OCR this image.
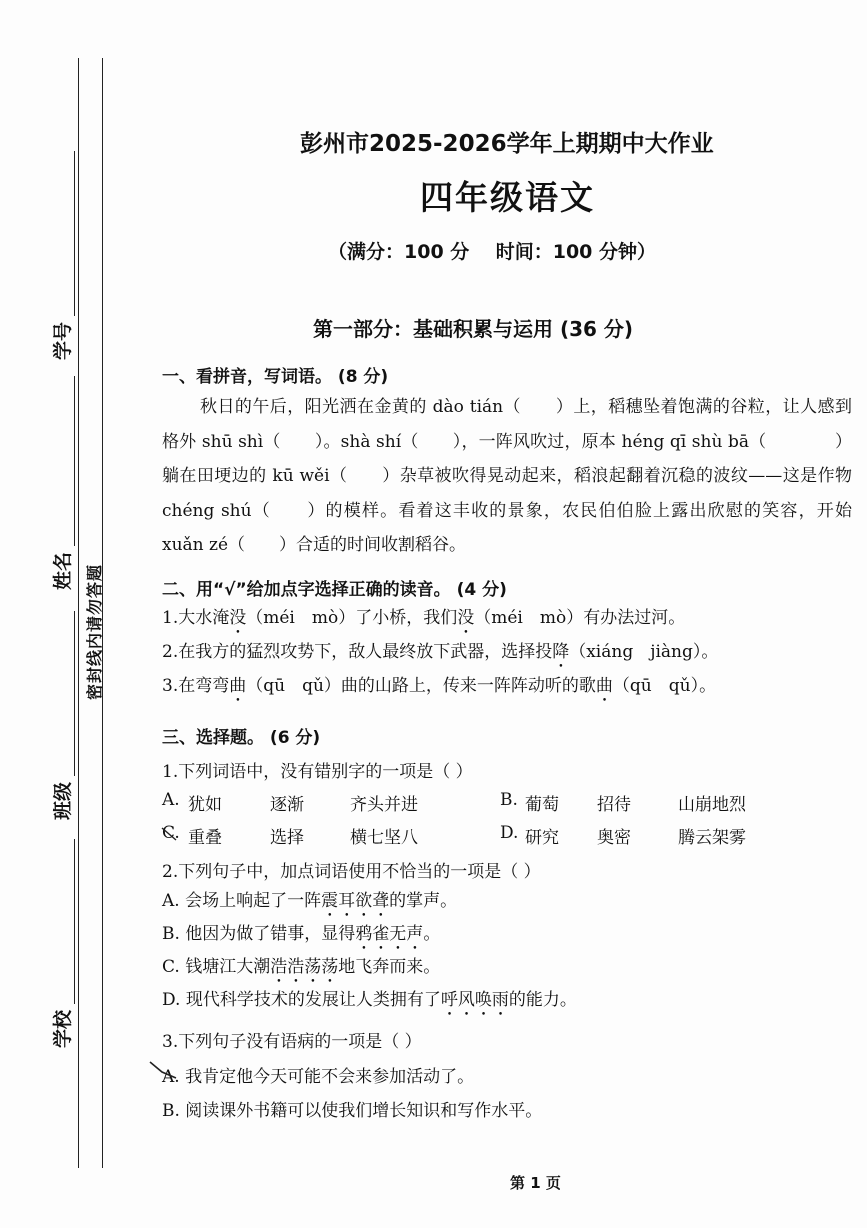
学号
姓名
班级
学校
密封线内请勿答题
彭州市2025-2026学年上期期中大作业
四年级语文
（满分：100 分    时间：100 分钟）
第一部分：基础积累与运用 (36 分)
一、看拼音，写词语。 (8 分)
秋日的午后，阳光洒在金黄的 dào tián（　　）上，稻穗坠着饱满的谷粒，让人感到格外 shū shì（　　）。shà shí（　　），一阵风吹过，原本 héng qī shù bā（　　　　）躺在田埂边的 kū wěi（　　）杂草被吹得晃动起来，稻浪起翻着沉稳的波纹——这是作物 chéng shú（　　）的模样。看着这丰收的景象，农民伯伯脸上露出欣慰的笑容，开始 xuǎn zé（　　）合适的时间收割稻谷。
二、用“√”给加点字选择正确的读音。 (4 分)
1.大水淹没（méi　mò）了小桥，我们没（méi　mò）有办法过河。
2.在我方的猛烈攻势下，敌人最终放下武器，选择投降（xiáng　jiàng）。
3.在弯弯曲（qū　qǔ）曲的山路上，传来一阵阵动听的歌曲（qū　qǔ）。
三、选择题。 (6 分)
1.下列词语中，没有错别字的一项是（ ）
A. 犹如	逐渐	齐头并进	B. 葡萄 招待	山崩地烈
C. 重叠	选择	横七坚八	D. 研究 奥密	腾云架雾
2.下列句子中，加点词语使用不恰当的一项是（ ）
A. 会场上响起了一阵震耳欲聋的掌声。
B. 他因为做了错事，显得鸦雀无声。
C. 钱塘江大潮浩浩荡荡地飞奔而来。
D. 现代科学技术的发展让人类拥有了呼风唤雨的能力。
3.下列句子没有语病的一项是（ ）
A. 我肯定他今天可能不会来参加活动了。
B. 阅读课外书籍可以使我们增长知识和写作水平。
第 1 页
